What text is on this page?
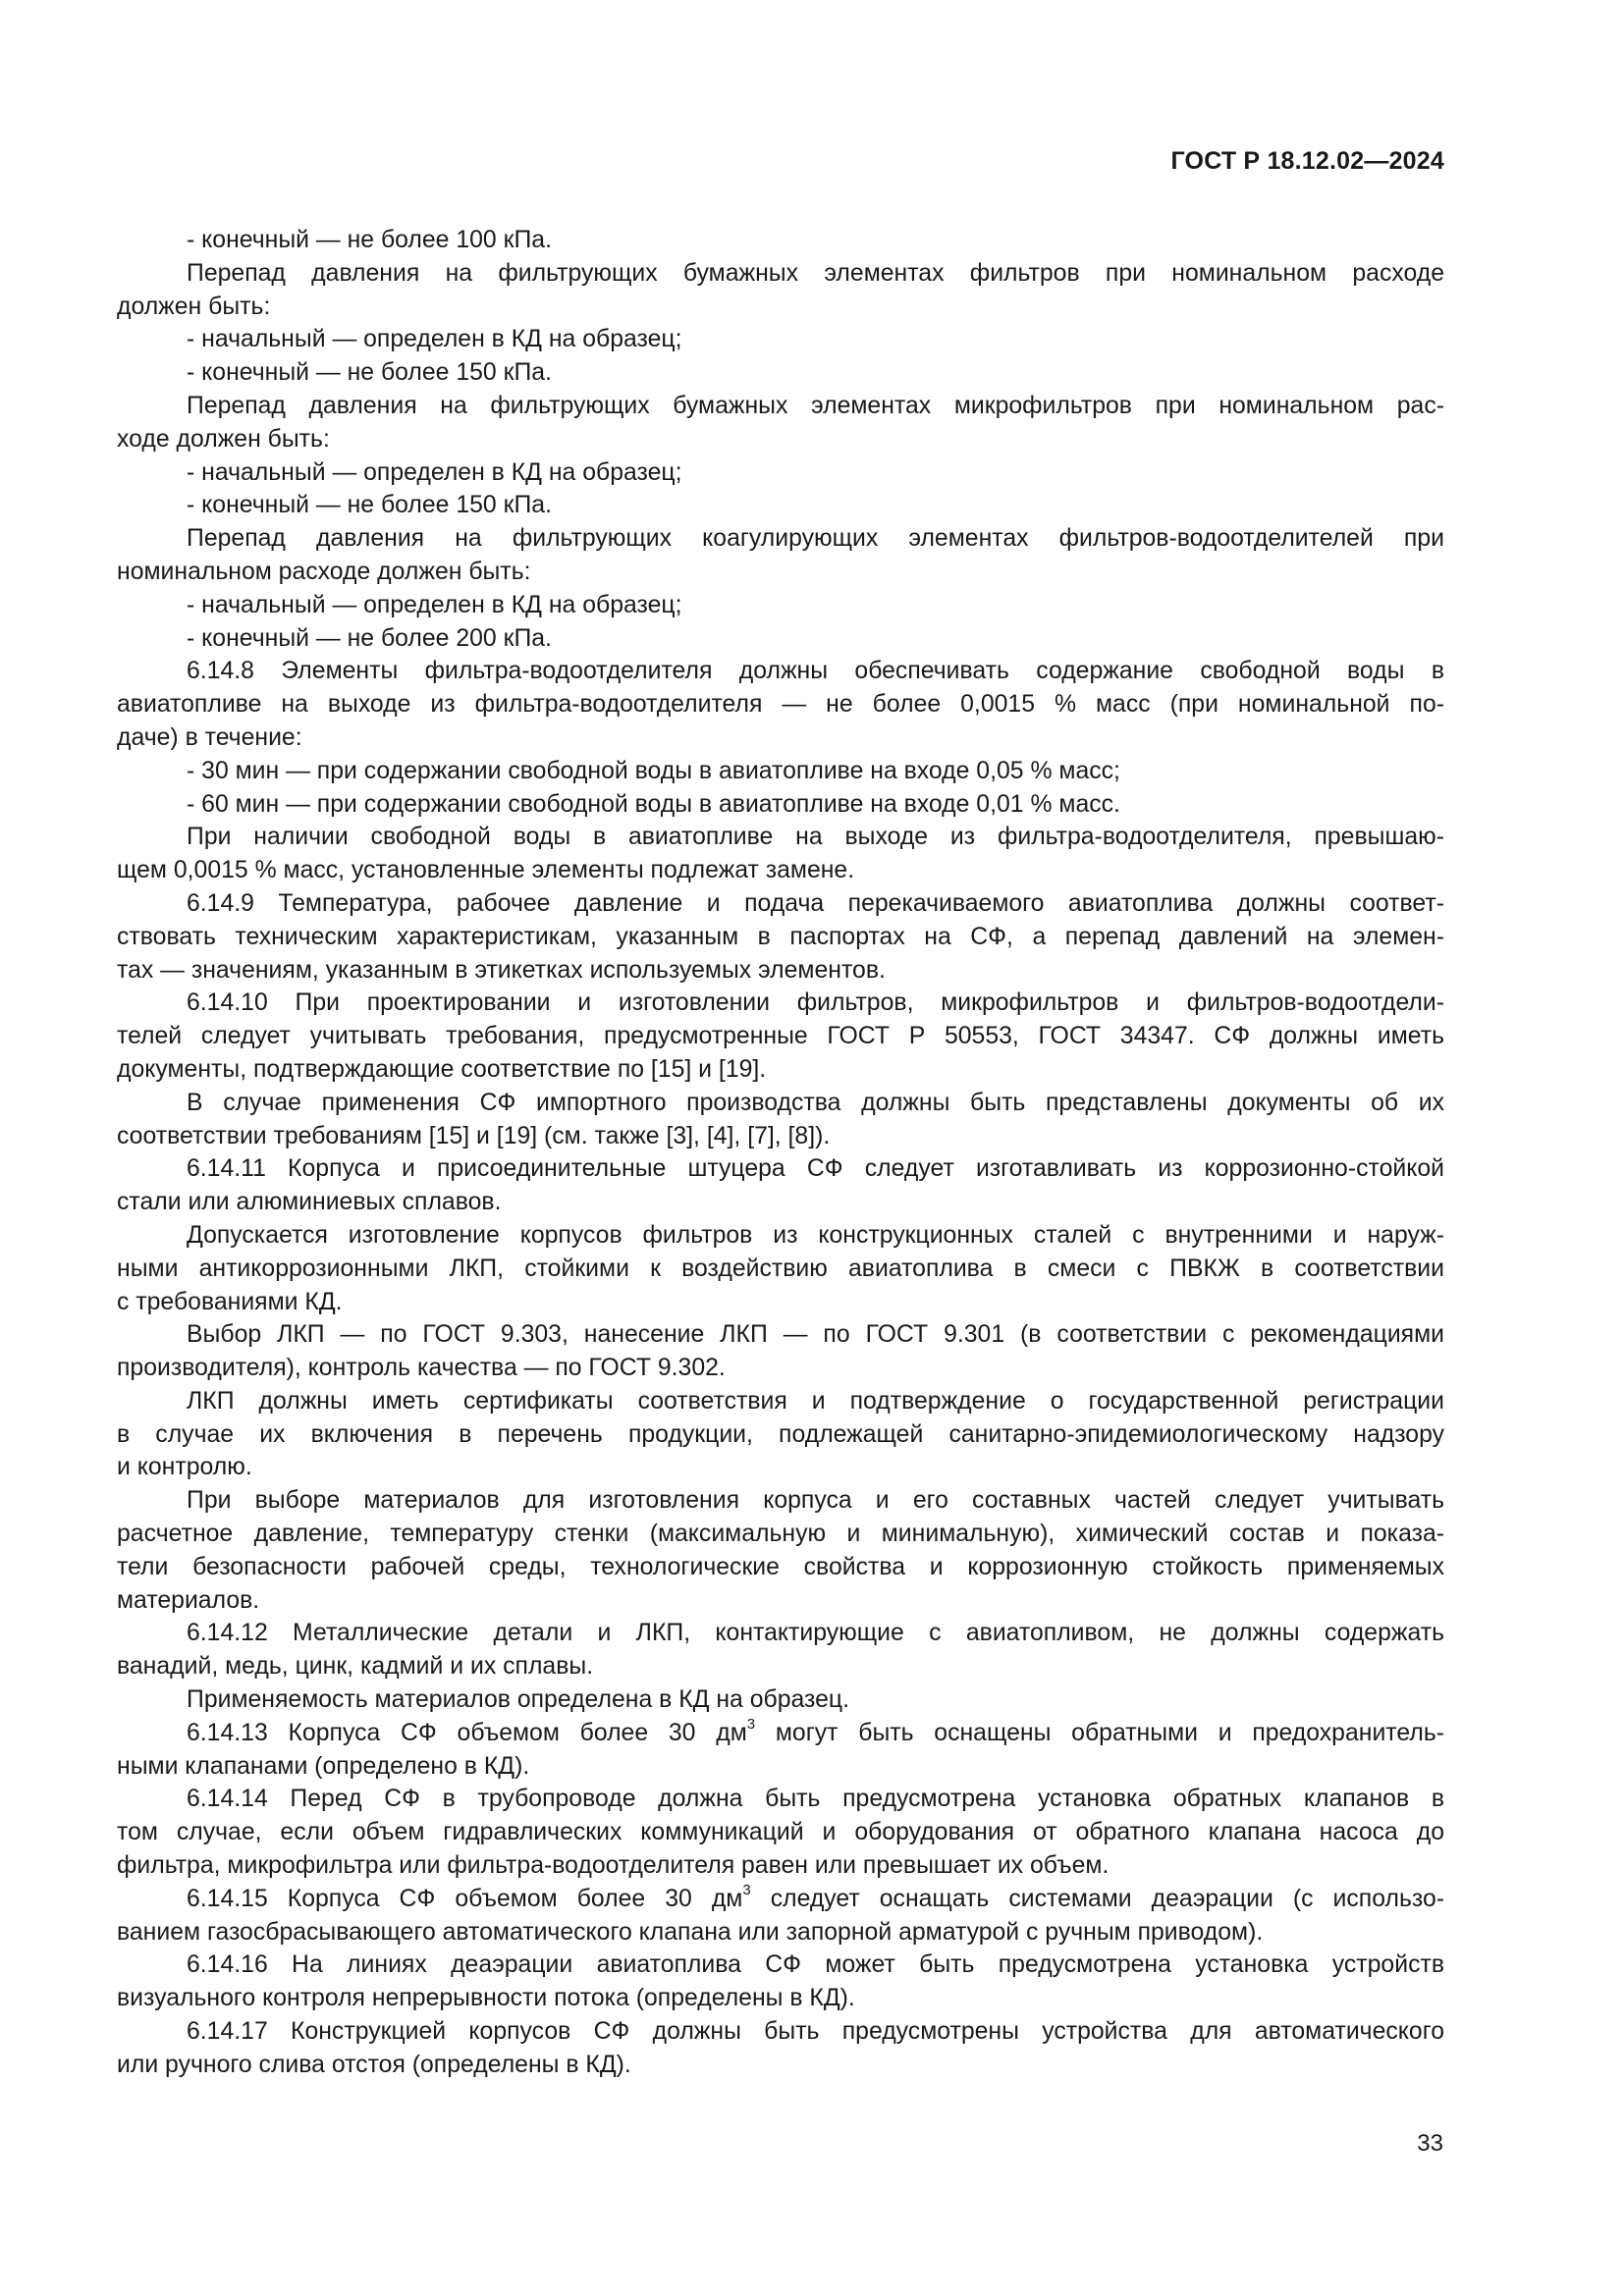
ГОСТ Р 18.12.02—2024
- конечный — не более 100 кПа.
Перепад давления на фильтрующих бумажных элементах фильтров при номинальном расходе
должен быть:
- начальный — определен в КД на образец;
- конечный — не более 150 кПа.
Перепад давления на фильтрующих бумажных элементах микрофильтров при номинальном рас-
ходе должен быть:
- начальный — определен в КД на образец;
- конечный — не более 150 кПа.
Перепад давления на фильтрующих коагулирующих элементах фильтров-водоотделителей при
номинальном расходе должен быть:
- начальный — определен в КД на образец;
- конечный — не более 200 кПа.
6.14.8 Элементы фильтра-водоотделителя должны обеспечивать содержание свободной воды в
авиатопливе на выходе из фильтра-водоотделителя — не более 0,0015 % масс (при номинальной по-
даче) в течение:
- 30 мин — при содержании свободной воды в авиатопливе на входе 0,05 % масс;
- 60 мин — при содержании свободной воды в авиатопливе на входе 0,01 % масс.
При наличии свободной воды в авиатопливе на выходе из фильтра-водоотделителя, превышаю-
щем 0,0015 % масс, установленные элементы подлежат замене.
6.14.9 Температура, рабочее давление и подача перекачиваемого авиатоплива должны соответ-
ствовать техническим характеристикам, указанным в паспортах на СФ, а перепад давлений на элемен-
тах — значениям, указанным в этикетках используемых элементов.
6.14.10 При проектировании и изготовлении фильтров, микрофильтров и фильтров-водоотдели-
телей следует учитывать требования, предусмотренные ГОСТ Р 50553, ГОСТ 34347. СФ должны иметь
документы, подтверждающие соответствие по [15] и [19].
В случае применения СФ импортного производства должны быть представлены документы об их
соответствии требованиям [15] и [19] (см. также [3], [4], [7], [8]).
6.14.11 Корпуса и присоединительные штуцера СФ следует изготавливать из коррозионно-стойкой
стали или алюминиевых сплавов.
Допускается изготовление корпусов фильтров из конструкционных сталей с внутренними и наруж-
ными антикоррозионными ЛКП, стойкими к воздействию авиатоплива в смеси с ПВКЖ в соответствии
с требованиями КД.
Выбор ЛКП — по ГОСТ 9.303, нанесение ЛКП — по ГОСТ 9.301 (в соответствии с рекомендациями
производителя), контроль качества — по ГОСТ 9.302.
ЛКП должны иметь сертификаты соответствия и подтверждение о государственной регистрации
в случае их включения в перечень продукции, подлежащей санитарно-эпидемиологическому надзору
и контролю.
При выборе материалов для изготовления корпуса и его составных частей следует учитывать
расчетное давление, температуру стенки (максимальную и минимальную), химический состав и показа-
тели безопасности рабочей среды, технологические свойства и коррозионную стойкость применяемых
материалов.
6.14.12 Металлические детали и ЛКП, контактирующие с авиатопливом, не должны содержать
ванадий, медь, цинк, кадмий и их сплавы.
Применяемость материалов определена в КД на образец.
6.14.13 Корпуса СФ объемом более 30 $дм^3$ могут быть оснащены обратными и предохранитель-
ными клапанами (определено в КД).
6.14.14 Перед СФ в трубопроводе должна быть предусмотрена установка обратных клапанов в
том случае, если объем гидравлических коммуникаций и оборудования от обратного клапана насоса до
фильтра, микрофильтра или фильтра-водоотделителя равен или превышает их объем.
6.14.15 Корпуса СФ объемом более 30 $дм^3$ следует оснащать системами деаэрации (с использо-
ванием газосбрасывающего автоматического клапана или запорной арматурой с ручным приводом).
6.14.16 На линиях деаэрации авиатоплива СФ может быть предусмотрена установка устройств
визуального контроля непрерывности потока (определены в КД).
6.14.17 Конструкцией корпусов СФ должны быть предусмотрены устройства для автоматического
или ручного слива отстоя (определены в КД).
33
